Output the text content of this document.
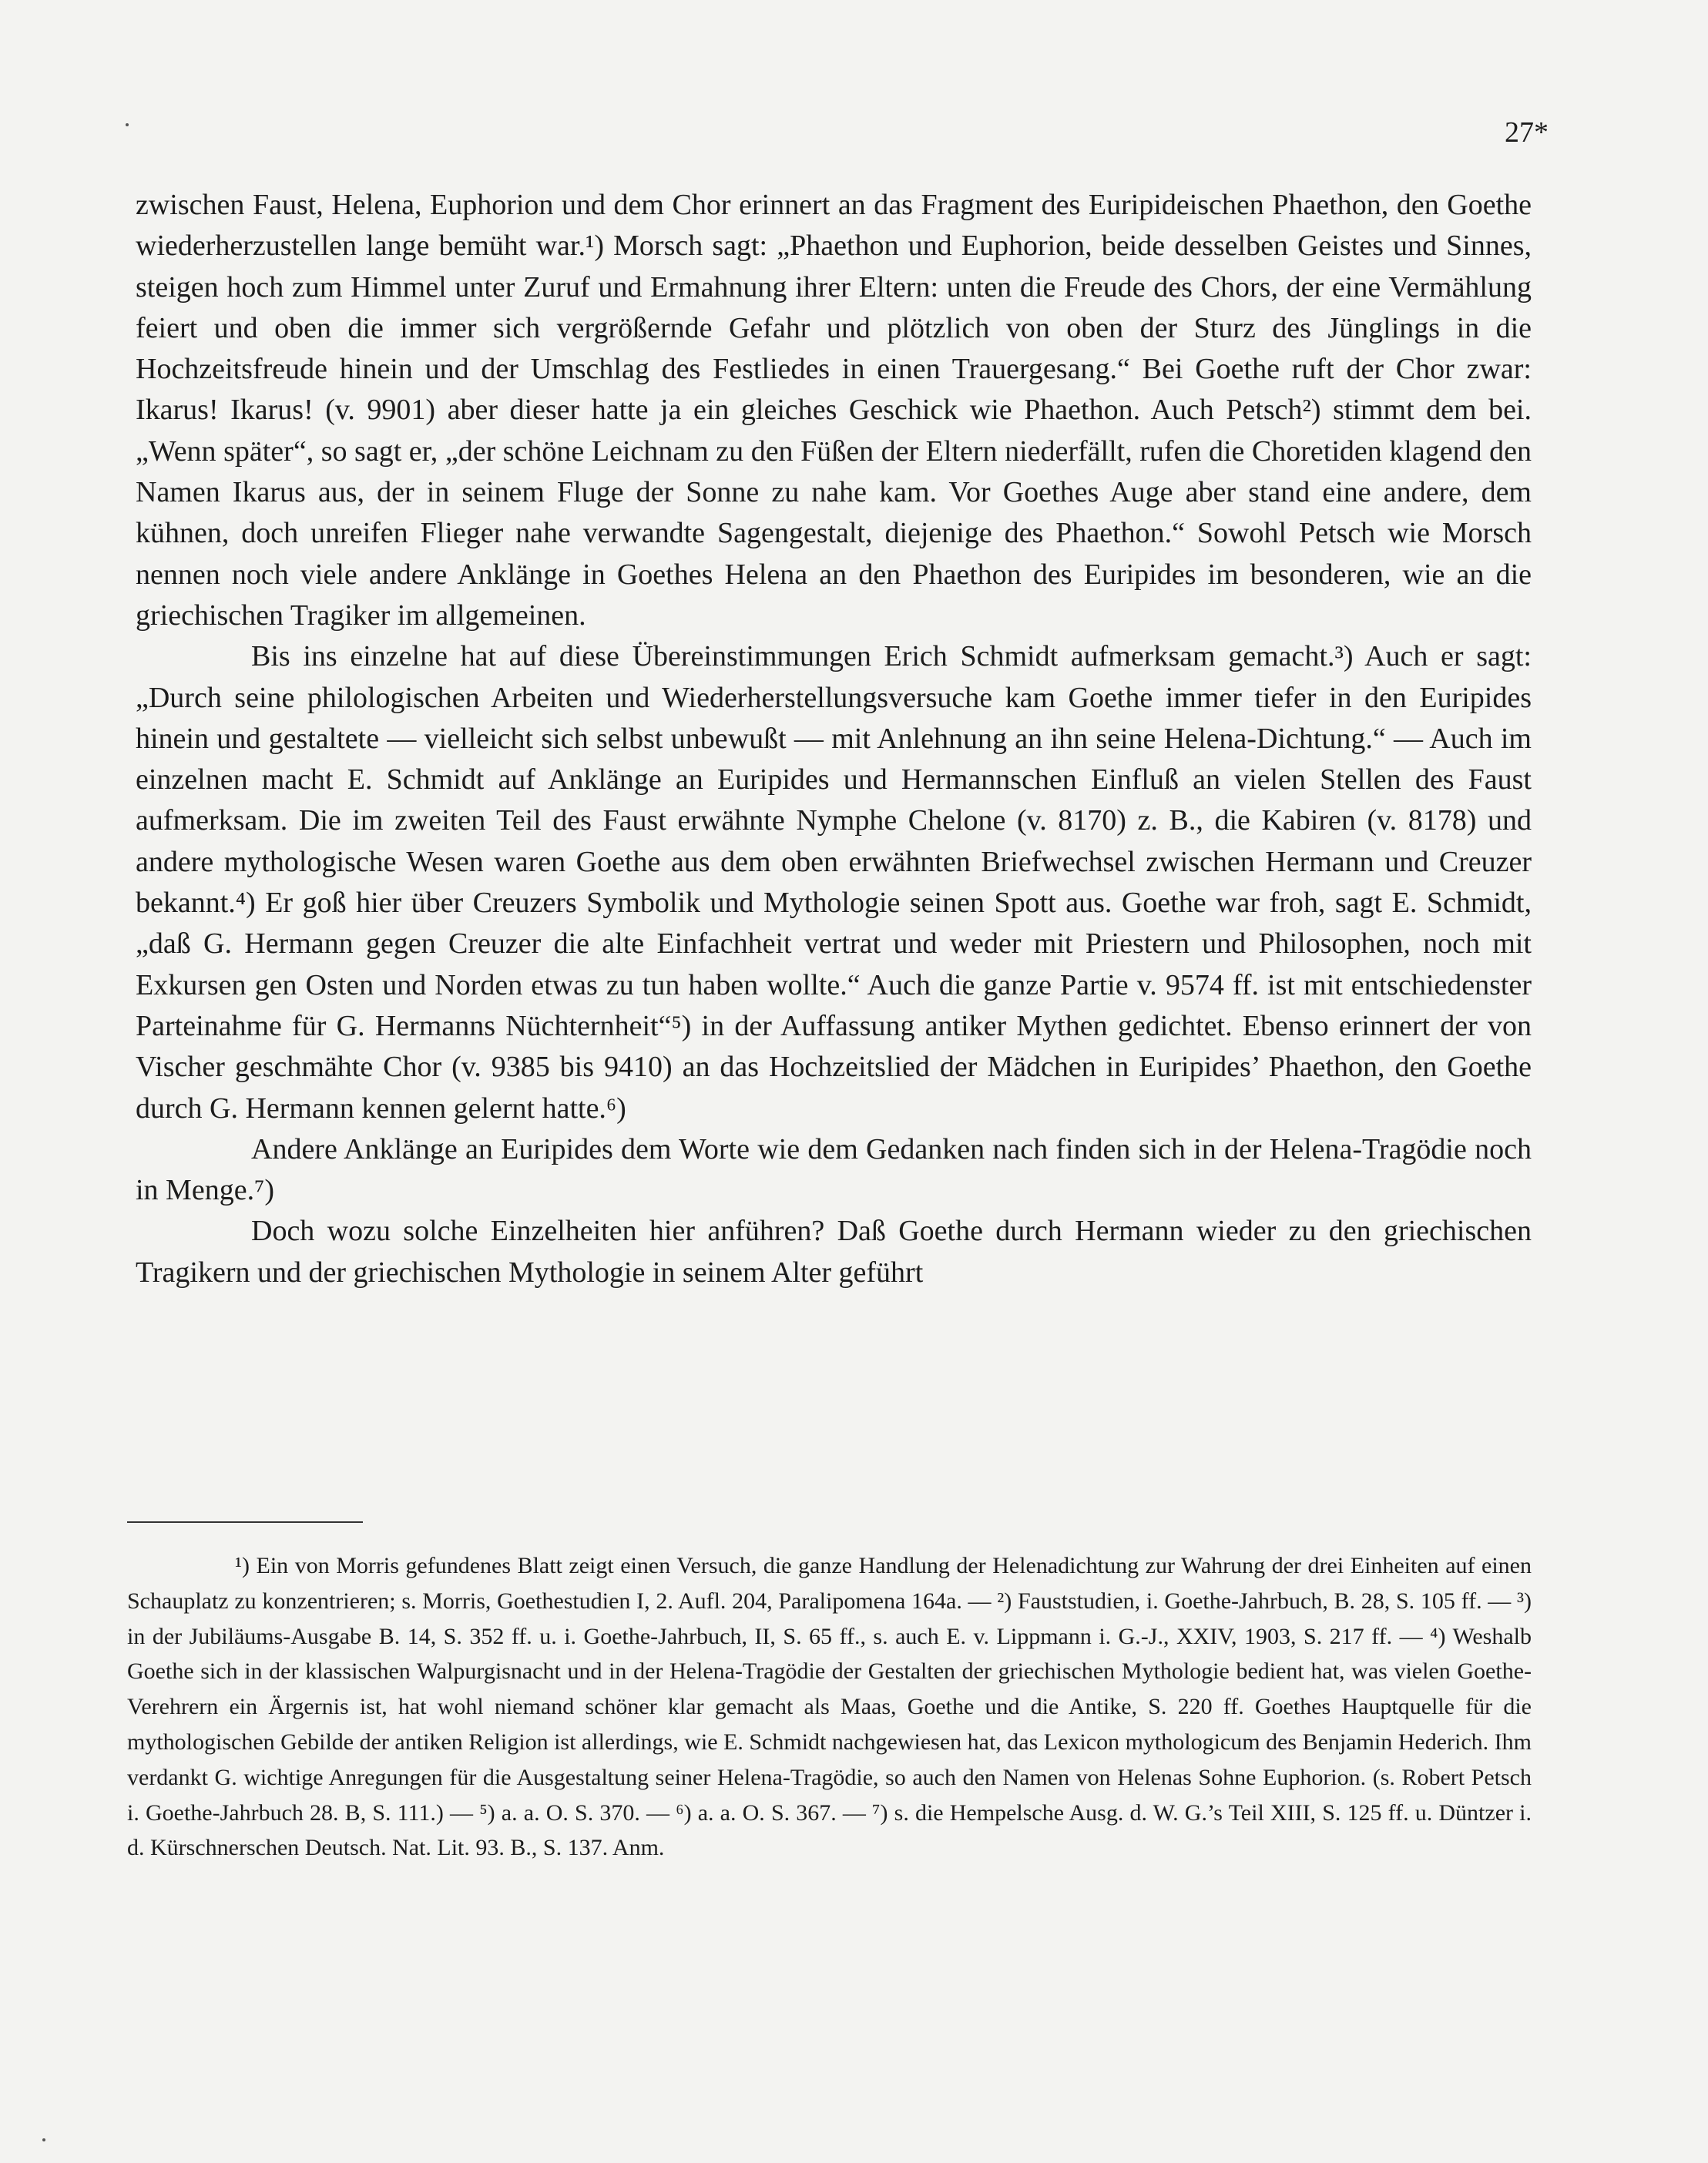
27*

zwischen Faust, Helena, Euphorion und dem Chor erinnert an das Fragment des Euripideischen Phaethon, den Goethe wiederherzustellen lange bemüht war.¹) Morsch sagt: „Phaethon und Euphorion, beide desselben Geistes und Sinnes, steigen hoch zum Himmel unter Zuruf und Ermahnung ihrer Eltern: unten die Freude des Chors, der eine Vermählung feiert und oben die immer sich vergrößernde Gefahr und plötzlich von oben der Sturz des Jünglings in die Hochzeitsfreude hinein und der Umschlag des Festliedes in einen Trauergesang.“ Bei Goethe ruft der Chor zwar: Ikarus! Ikarus! (v. 9901) aber dieser hatte ja ein gleiches Geschick wie Phaethon. Auch Petsch²) stimmt dem bei. „Wenn später“, so sagt er, „der schöne Leichnam zu den Füßen der Eltern niederfällt, rufen die Choretiden klagend den Namen Ikarus aus, der in seinem Fluge der Sonne zu nahe kam. Vor Goethes Auge aber stand eine andere, dem kühnen, doch unreifen Flieger nahe verwandte Sagengestalt, diejenige des Phaethon.“ Sowohl Petsch wie Morsch nennen noch viele andere Anklänge in Goethes Helena an den Phaethon des Euripides im besonderen, wie an die griechischen Tragiker im allgemeinen.

Bis ins einzelne hat auf diese Übereinstimmungen Erich Schmidt aufmerksam gemacht.³) Auch er sagt: „Durch seine philologischen Arbeiten und Wiederherstellungsversuche kam Goethe immer tiefer in den Euripides hinein und gestaltete — vielleicht sich selbst unbewußt — mit Anlehnung an ihn seine Helena-Dichtung.“ — Auch im einzelnen macht E. Schmidt auf Anklänge an Euripides und Hermannschen Einfluß an vielen Stellen des Faust aufmerksam. Die im zweiten Teil des Faust erwähnte Nymphe Chelone (v. 8170) z. B., die Kabiren (v. 8178) und andere mythologische Wesen waren Goethe aus dem oben erwähnten Briefwechsel zwischen Hermann und Creuzer bekannt.⁴) Er goß hier über Creuzers Symbolik und Mythologie seinen Spott aus. Goethe war froh, sagt E. Schmidt, „daß G. Hermann gegen Creuzer die alte Einfachheit vertrat und weder mit Priestern und Philosophen, noch mit Exkursen gen Osten und Norden etwas zu tun haben wollte.“ Auch die ganze Partie v. 9574 ff. ist mit entschiedenster Parteinahme für G. Hermanns Nüchternheit“⁵) in der Auffassung antiker Mythen gedichtet. Ebenso erinnert der von Vischer geschmähte Chor (v. 9385 bis 9410) an das Hochzeitslied der Mädchen in Euripides’ Phaethon, den Goethe durch G. Hermann kennen gelernt hatte.⁶)

Andere Anklänge an Euripides dem Worte wie dem Gedanken nach finden sich in der Helena-Tragödie noch in Menge.⁷)

Doch wozu solche Einzelheiten hier anführen? Daß Goethe durch Hermann wieder zu den griechischen Tragikern und der griechischen Mythologie in seinem Alter geführt

¹) Ein von Morris gefundenes Blatt zeigt einen Versuch, die ganze Handlung der Helenadichtung zur Wahrung der drei Einheiten auf einen Schauplatz zu konzentrieren; s. Morris, Goethestudien I, 2. Aufl. 204, Paralipomena 164a. — ²) Fauststudien, i. Goethe-Jahrbuch, B. 28, S. 105 ff. — ³) in der Jubiläums-Ausgabe B. 14, S. 352 ff. u. i. Goethe-Jahrbuch, II, S. 65 ff., s. auch E. v. Lippmann i. G.-J., XXIV, 1903, S. 217 ff. — ⁴) Weshalb Goethe sich in der klassischen Walpurgisnacht und in der Helena-Tragödie der Gestalten der griechischen Mythologie bedient hat, was vielen Goethe-Verehrern ein Ärgernis ist, hat wohl niemand schöner klar gemacht als Maas, Goethe und die Antike, S. 220 ff. Goethes Hauptquelle für die mythologischen Gebilde der antiken Religion ist allerdings, wie E. Schmidt nachgewiesen hat, das Lexicon mythologicum des Benjamin Hederich. Ihm verdankt G. wichtige Anregungen für die Ausgestaltung seiner Helena-Tragödie, so auch den Namen von Helenas Sohne Euphorion. (s. Robert Petsch i. Goethe-Jahrbuch 28. B, S. 111.) — ⁵) a. a. O. S. 370. — ⁶) a. a. O. S. 367. — ⁷) s. die Hempelsche Ausg. d. W. G.’s Teil XIII, S. 125 ff. u. Düntzer i. d. Kürschnerschen Deutsch. Nat. Lit. 93. B., S. 137. Anm.
